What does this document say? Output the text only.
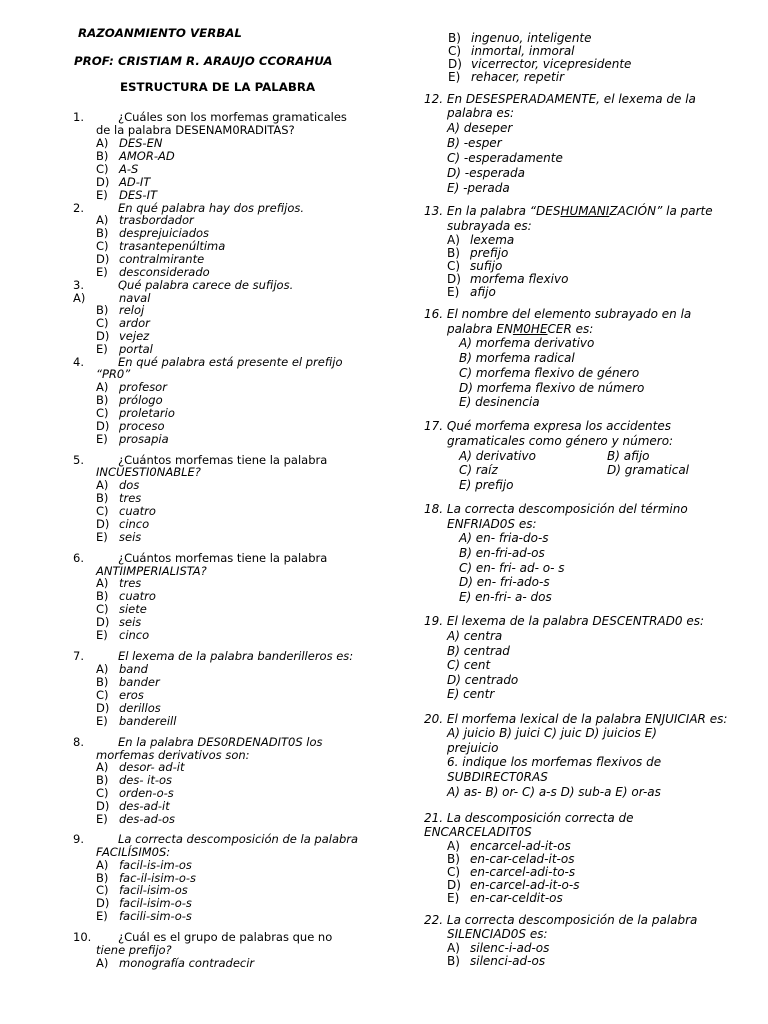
RAZOANMIENTO VERBAL
PROF: CRISTIAM R. ARAUJO CCORAHUA
ESTRUCTURA DE LA PALABRA
1.	¿Cuáles son los morfemas gramaticales
de la palabra DESENAM0RADITAS?
A) DES-EN
B) AMOR-AD
C) A-S
D) AD-IT
E) DES-IT
2.	En qué palabra hay dos prefijos.
A) trasbordador
B) desprejuiciados
C) trasantepenúltima
D) contralmirante
E) desconsiderado
3.	Qué palabra carece de sufijos.
A)	naval
B) reloj
C) ardor
D) vejez
E) portal
4.	En qué palabra está presente el prefijo
“PR0”
A) profesor
B) prólogo
C) proletario
D) proceso
E) prosapia
5.	¿Cuántos morfemas tiene la palabra
INCUESTI0NABLE?
A) dos
B) tres
C) cuatro
D) cinco
E) seis
6.	¿Cuántos morfemas tiene la palabra
ANTIIMPERIALISTA?
A) tres
B) cuatro
C) siete
D) seis
E) cinco
7.	El lexema de la palabra banderilleros es:
A) band
B) bander
C) eros
D) derillos
E) bandereill
8.	En la palabra DES0RDENADIT0S los
morfemas derivativos son:
A) desor- ad-it
B) des- it-os
C) orden-o-s
D) des-ad-it
E) des-ad-os
9.	La correcta descomposición de la palabra
FACILÍSIM0S:
A) facil-is-im-os
B) fac-il-isim-o-s
C) facil-isim-os
D) facil-isim-o-s
E) facili-sim-o-s
10. ¿Cuál es el grupo de palabras que no
tiene prefijo?
A) monografía contradecir
B) ingenuo, inteligente
C) inmortal, inmoral
D) vicerrector, vicepresidente
E) rehacer, repetir
12. En DESESPERADAMENTE, el lexema de la
palabra es:
A) deseper
B) -esper
C) -esperadamente
D) -esperada
E) -perada
13. En la palabra “DESHUMANIZACIÓN” la parte
subrayada es:
A) lexema
B) prefijo
C) sufijo
D) morfema flexivo
E) afijo
16. El nombre del elemento subrayado en la
palabra ENM0HECER es:
A) morfema derivativo
B) morfema radical
C) morfema flexivo de género
D) morfema flexivo de número
E) desinencia
17. Qué morfema expresa los accidentes
gramaticales como género y número:
A) derivativo	B) afijo
C) raíz	D) gramatical
E) prefijo
18. La correcta descomposición del término
ENFRIAD0S es:
A) en- fria-do-s
B) en-fri-ad-os
C) en- fri- ad- o- s
D) en- fri-ado-s
E) en-fri- a- dos
19. El lexema de la palabra DESCENTRAD0 es:
A) centra
B) centrad
C) cent
D) centrado
E) centr
20. El morfema lexical de la palabra ENJUICIAR es:
A) juicio B) juici C) juic D) juicios E)
prejuicio
6. indique los morfemas flexivos de
SUBDIRECT0RAS
A) as- B) or- C) a-s D) sub-a E) or-as
21. La descomposición correcta de
ENCARCELADIT0S
A) encarcel-ad-it-os
B) en-car-celad-it-os
C) en-carcel-adi-to-s
D) en-carcel-ad-it-o-s
E) en-car-celdit-os
22. La correcta descomposición de la palabra
SILENCIAD0S es:
A) silenc-i-ad-os
B) silenci-ad-os
